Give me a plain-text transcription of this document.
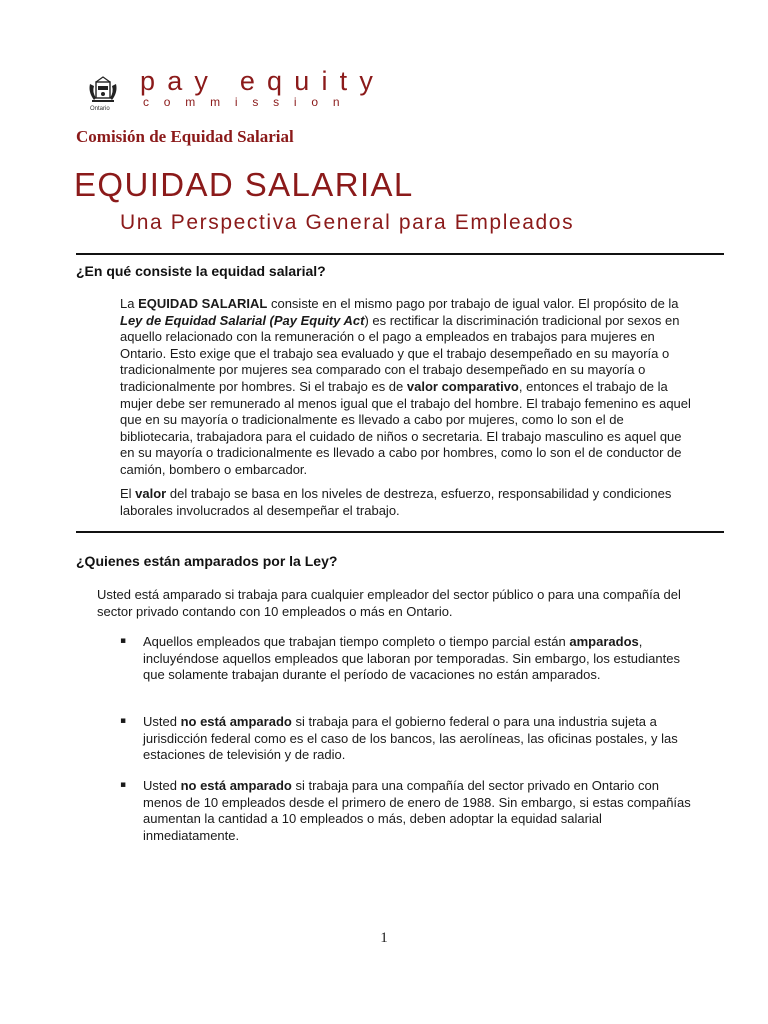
Ontario
pay equity
commission
Comisión de Equidad Salarial
EQUIDAD SALARIAL
Una Perspectiva General para Empleados
¿En qué consiste la equidad salarial?

La EQUIDAD SALARIAL consiste en el mismo pago por trabajo de igual valor. El propósito de la Ley de Equidad Salarial (Pay Equity Act) es rectificar la discriminación tradicional por sexos en aquello relacionado con la remuneración o el pago a empleados en trabajos para mujeres en Ontario. Esto exige que el trabajo sea evaluado y que el trabajo desempeñado en su mayoría o tradicionalmente por mujeres sea comparado con el trabajo desempeñado en su mayoría o tradicionalmente por hombres. Si el trabajo es de valor comparativo, entonces el trabajo de la mujer debe ser remunerado al menos igual que el trabajo del hombre. El trabajo femenino es aquel que en su mayoría o tradicionalmente es llevado a cabo por mujeres, como lo son el de bibliotecaria, trabajadora para el cuidado de niños o secretaria. El trabajo masculino es aquel que en su mayoría o tradicionalmente es llevado a cabo por hombres, como lo son el de conductor de camión, bombero o embarcador.

El valor del trabajo se basa en los niveles de destreza, esfuerzo, responsabilidad y condiciones laborales involucrados al desempeñar el trabajo.

¿Quienes están amparados por la Ley?

Usted está amparado si trabaja para cualquier empleador del sector público o para una compañía del sector privado contando con 10 empleados o más en Ontario.

▪ Aquellos empleados que trabajan tiempo completo o tiempo parcial están amparados, incluyéndose aquellos empleados que laboran por temporadas. Sin embargo, los estudiantes que solamente trabajan durante el período de vacaciones no están amparados.

▪ Usted no está amparado si trabaja para el gobierno federal o para una industria sujeta a jurisdicción federal como es el caso de los bancos, las aerolíneas, las oficinas postales, y las estaciones de televisión y de radio.

▪ Usted no está amparado si trabaja para una compañía del sector privado en Ontario con menos de 10 empleados desde el primero de enero de 1988. Sin embargo, si estas compañías aumentan la cantidad a 10 empleados o más, deben adoptar la equidad salarial inmediatamente.

1
